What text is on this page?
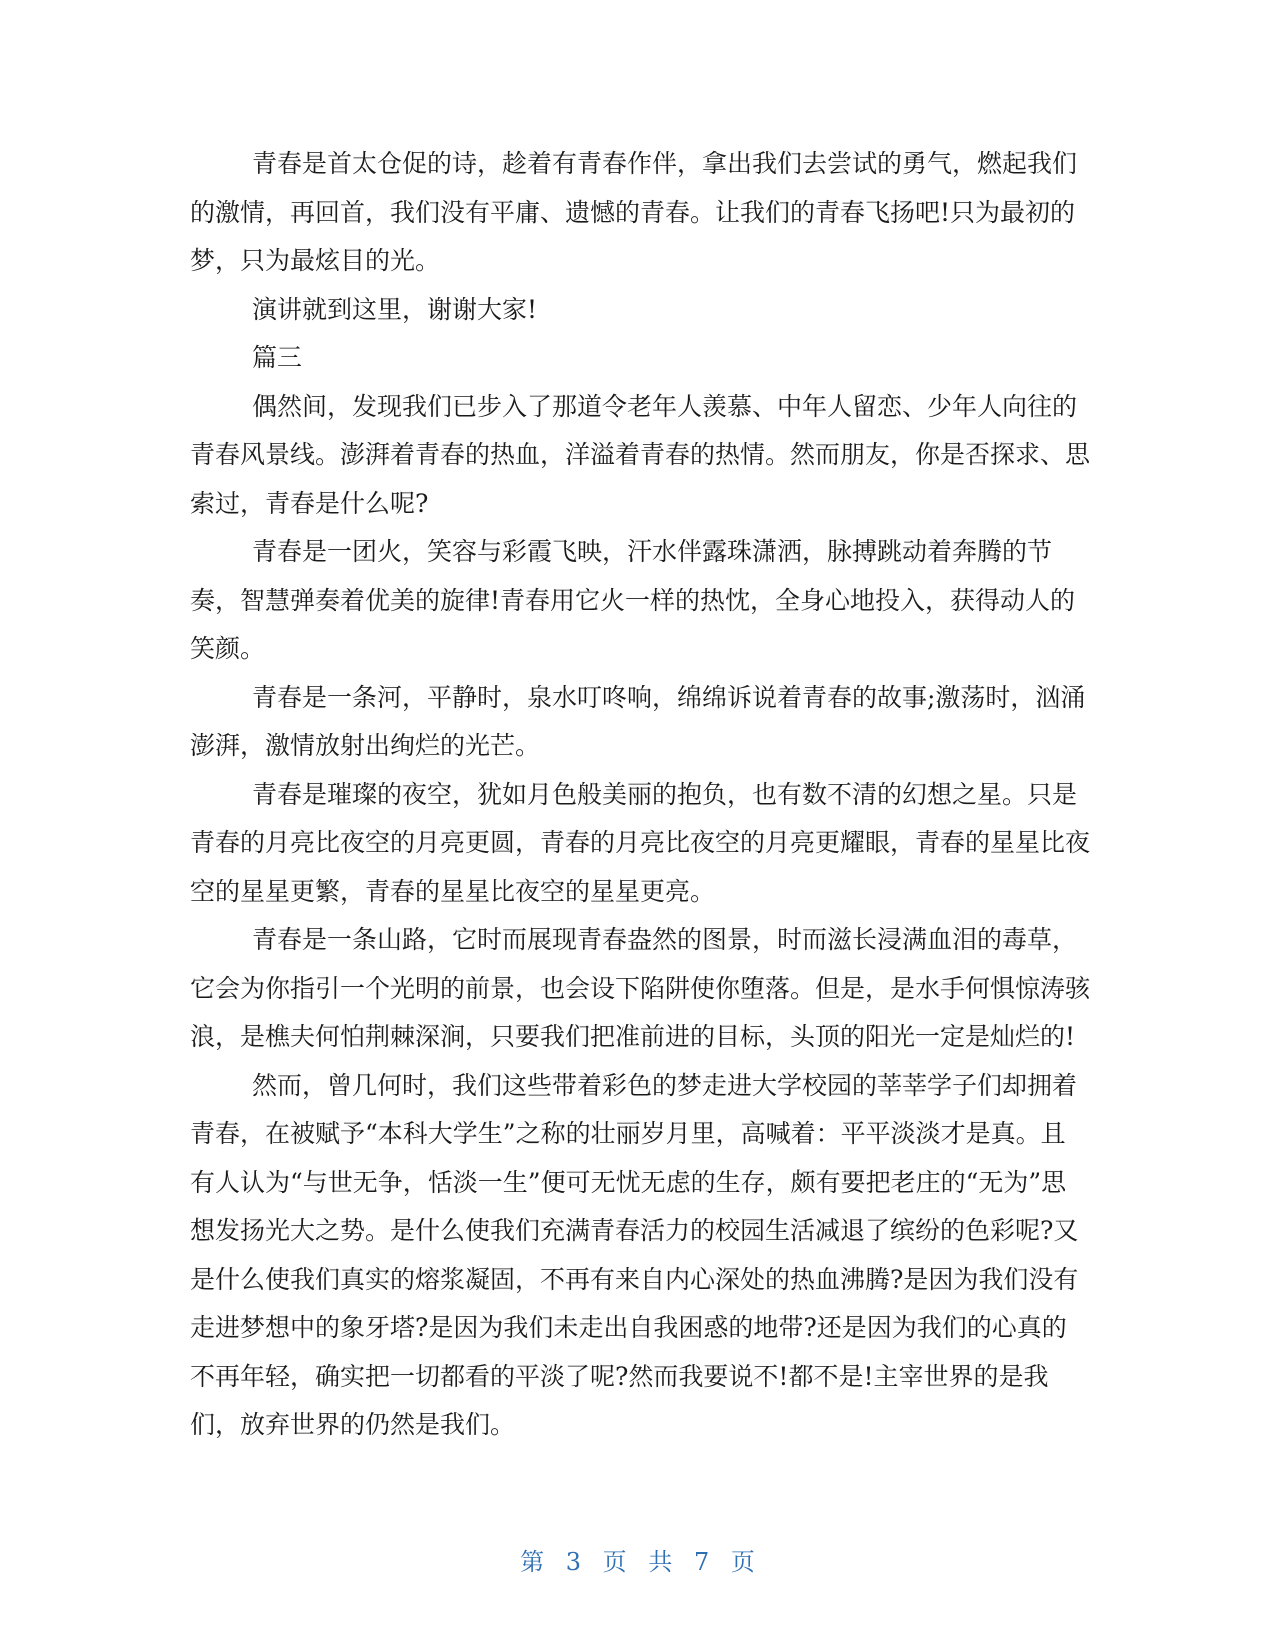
青春是首太仓促的诗，趁着有青春作伴，拿出我们去尝试的勇气，燃起我们的激情，再回首，我们没有平庸、遗憾的青春。让我们的青春飞扬吧!只为最初的梦，只为最炫目的光。

演讲就到这里，谢谢大家!

篇三

偶然间，发现我们已步入了那道令老年人羡慕、中年人留恋、少年人向往的青春风景线。澎湃着青春的热血，洋溢着青春的热情。然而朋友，你是否探求、思索过，青春是什么呢?

青春是一团火，笑容与彩霞飞映，汗水伴露珠潇洒，脉搏跳动着奔腾的节奏，智慧弹奏着优美的旋律!青春用它火一样的热忱，全身心地投入，获得动人的笑颜。

青春是一条河，平静时，泉水叮咚响，绵绵诉说着青春的故事;激荡时，汹涌澎湃，激情放射出绚烂的光芒。

青春是璀璨的夜空，犹如月色般美丽的抱负，也有数不清的幻想之星。只是青春的月亮比夜空的月亮更圆，青春的月亮比夜空的月亮更耀眼，青春的星星比夜空的星星更繁，青春的星星比夜空的星星更亮。

青春是一条山路，它时而展现青春盎然的图景，时而滋长浸满血泪的毒草，它会为你指引一个光明的前景，也会设下陷阱使你堕落。但是，是水手何惧惊涛骇浪，是樵夫何怕荆棘深涧，只要我们把准前进的目标，头顶的阳光一定是灿烂的!

然而，曾几何时，我们这些带着彩色的梦走进大学校园的莘莘学子们却拥着青春，在被赋予“本科大学生”之称的壮丽岁月里，高喊着：平平淡淡才是真。且有人认为“与世无争，恬淡一生”便可无忧无虑的生存，颇有要把老庄的“无为”思想发扬光大之势。是什么使我们充满青春活力的校园生活减退了缤纷的色彩呢?又是什么使我们真实的熔浆凝固，不再有来自内心深处的热血沸腾?是因为我们没有走进梦想中的象牙塔?是因为我们未走出自我困惑的地带?还是因为我们的心真的不再年轻，确实把一切都看的平淡了呢?然而我要说不!都不是!主宰世界的是我们，放弃世界的仍然是我们。

第 3 页 共 7 页
